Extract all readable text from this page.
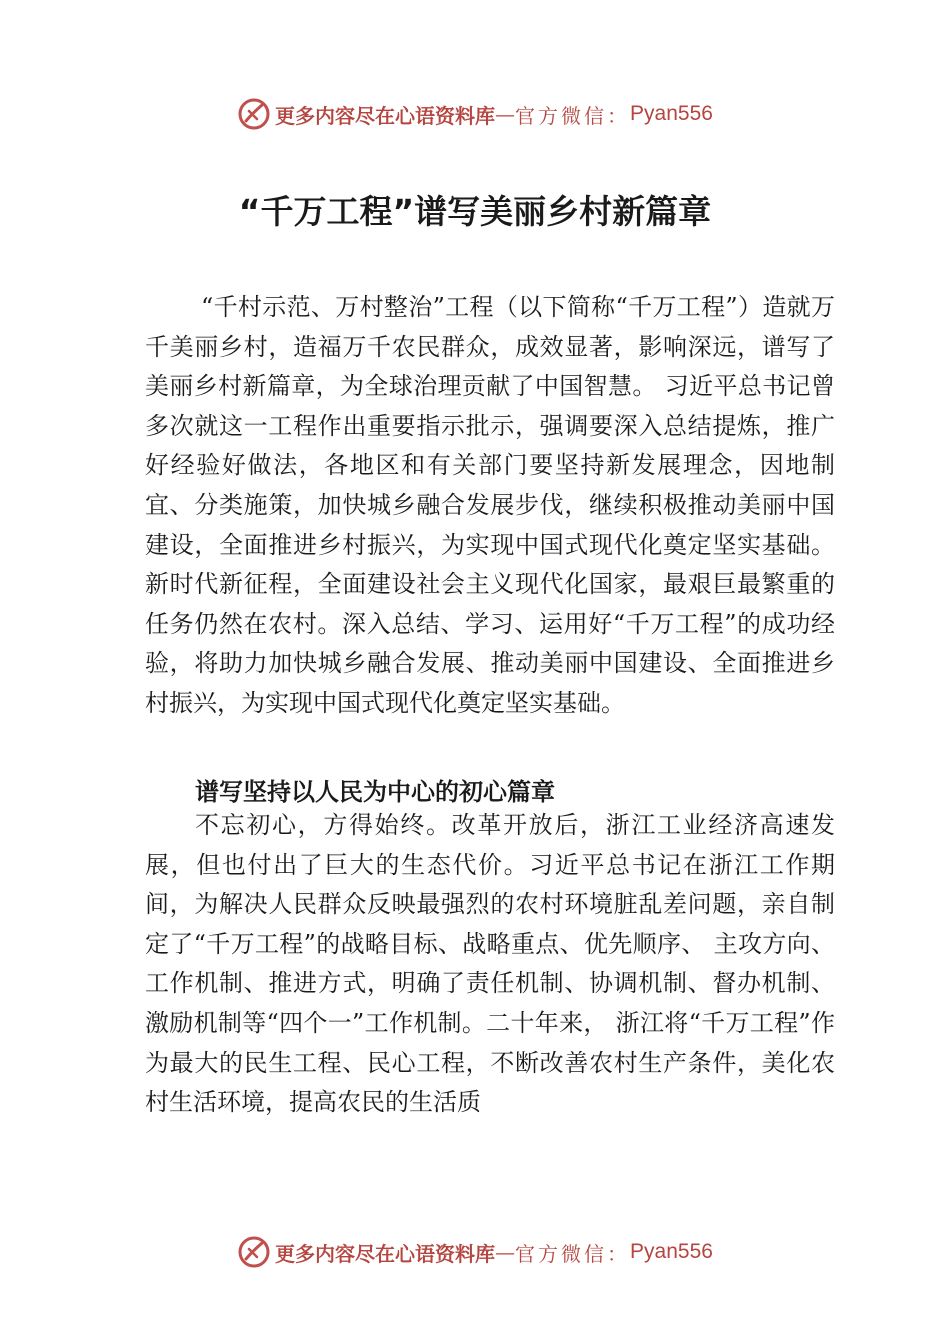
更多内容尽在心语资料库 — 官方微信： Pyan556
“千万工程”谱写美丽乡村新篇章

“千村示范、万村整治”工程（以下简称“千万工程”）造就万千美丽乡村，造福万千农民群众，成效显著，影响深远，谱写了美丽乡村新篇章，为全球治理贡献了中国智慧。 习近平总书记曾多次就这一工程作出重要指示批示，强调要深入总结提炼，推广好经验好做法，各地区和有关部门要坚持新发展理念，因地制宜、分类施策，加快城乡融合发展步伐，继续积极推动美丽中国建设，全面推进乡村振兴，为实现中国式现代化奠定坚实基础。新时代新征程，全面建设社会主义现代化国家，最艰巨最繁重的任务仍然在农村。深入总结、学习、运用好“千万工程”的成功经验，将助力加快城乡融合发展、推动美丽中国建设、全面推进乡村振兴，为实现中国式现代化奠定坚实基础。

谱写坚持以人民为中心的初心篇章

不忘初心，方得始终。改革开放后，浙江工业经济高速发展，但也付出了巨大的生态代价。习近平总书记在浙江工作期间，为解决人民群众反映最强烈的农村环境脏乱差问题，亲自制定了“千万工程”的战略目标、战略重点、优先顺序、 主攻方向、工作机制、推进方式，明确了责任机制、协调机制、督办机制、激励机制等“四个一”工作机制。二十年来， 浙江将“千万工程”作为最大的民生工程、民心工程，不断改善农村生产条件，美化农村生活环境，提高农民的生活质

更多内容尽在心语资料库 — 官方微信： Pyan556
